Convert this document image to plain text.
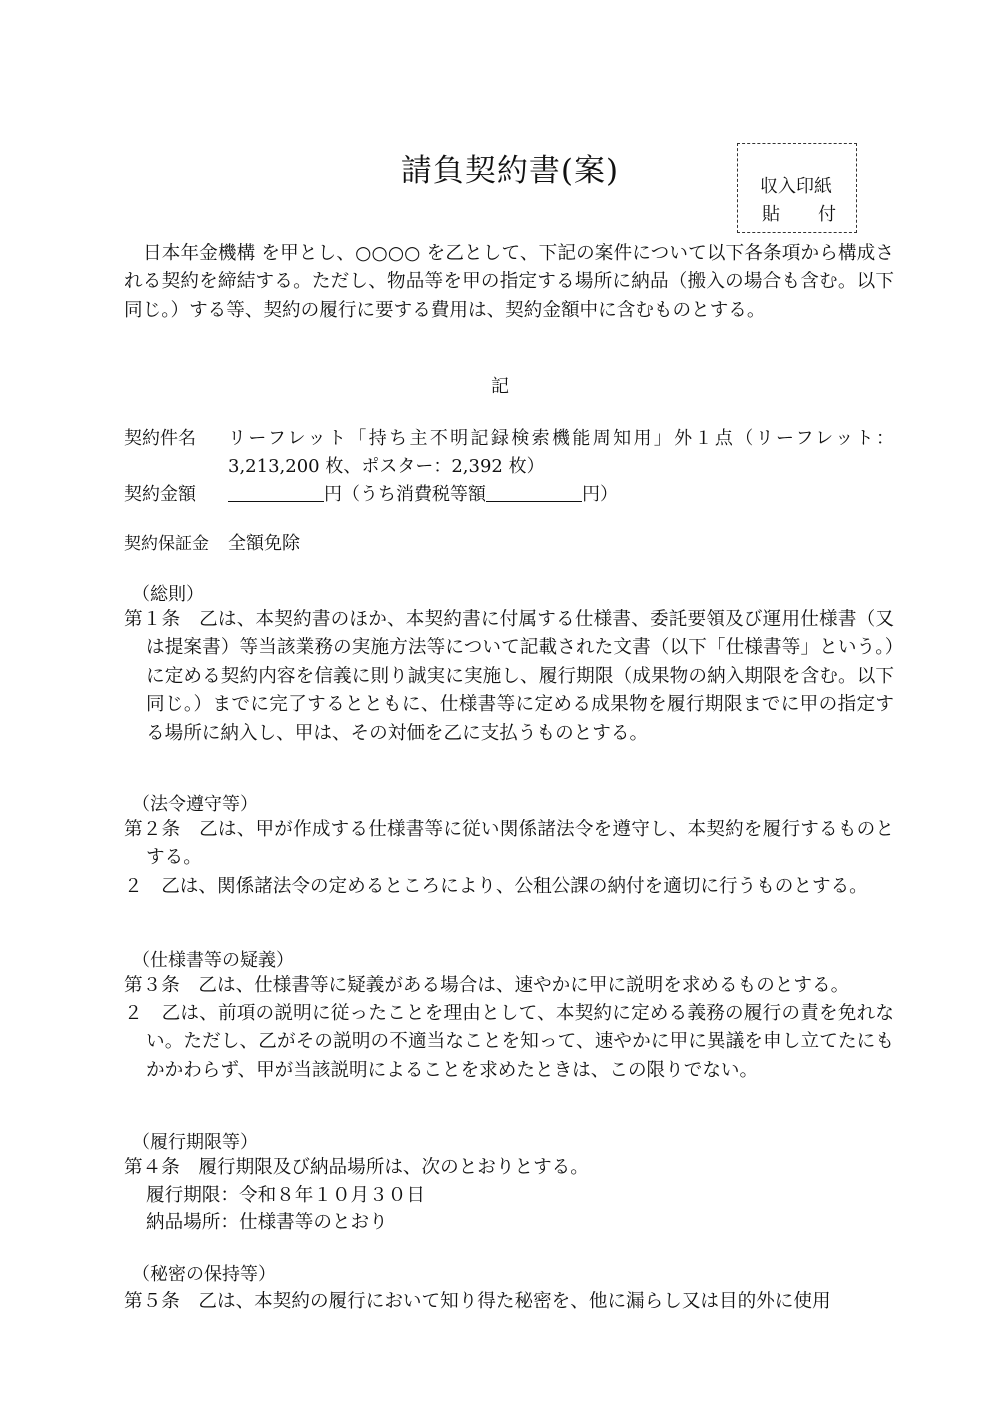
請負契約書(案)	収入印紙
貼 付

日本年金機構 を甲とし、○○○○ を乙として、下記の案件について以下各条項から構成される契約を締結する。ただし、物品等を甲の指定する場所に納品（搬入の場合も含む。以下同じ。）する等、契約の履行に要する費用は、契約金額中に含むものとする。

記
契約件名	リーフレット「持ち主不明記録検索機能周知用」外１点（リーフレット：3,213,200 枚、ポスター：2,392 枚）
契約金額	円（うち消費税等額	円）
契約保証金 全額免除
（総則）

第１条　乙は、本契約書のほか、本契約書に付属する仕様書、委託要領及び運用仕様書（又は提案書）等当該業務の実施方法等について記載された文書（以下「仕様書等」という。）に定める契約内容を信義に則り誠実に実施し、履行期限（成果物の納入期限を含む。以下同じ。）までに完了するとともに、仕様書等に定める成果物を履行期限までに甲の指定する場所に納入し、甲は、その対価を乙に支払うものとする。

（法令遵守等）

第２条　乙は、甲が作成する仕様書等に従い関係諸法令を遵守し、本契約を履行するものとする。

２　乙は、関係諸法令の定めるところにより、公租公課の納付を適切に行うものとする。

（仕様書等の疑義）

第３条　乙は、仕様書等に疑義がある場合は、速やかに甲に説明を求めるものとする。

２　乙は、前項の説明に従ったことを理由として、本契約に定める義務の履行の責を免れない。ただし、乙がその説明の不適当なことを知って、速やかに甲に異議を申し立てたにもかかわらず、甲が当該説明によることを求めたときは、この限りでない。

（履行期限等）

第４条　履行期限及び納品場所は、次のとおりとする。

履行期限：令和８年１０月３０日
納品場所：仕様書等のとおり
（秘密の保持等）

第５条　乙は、本契約の履行において知り得た秘密を、他に漏らし又は目的外に使用
